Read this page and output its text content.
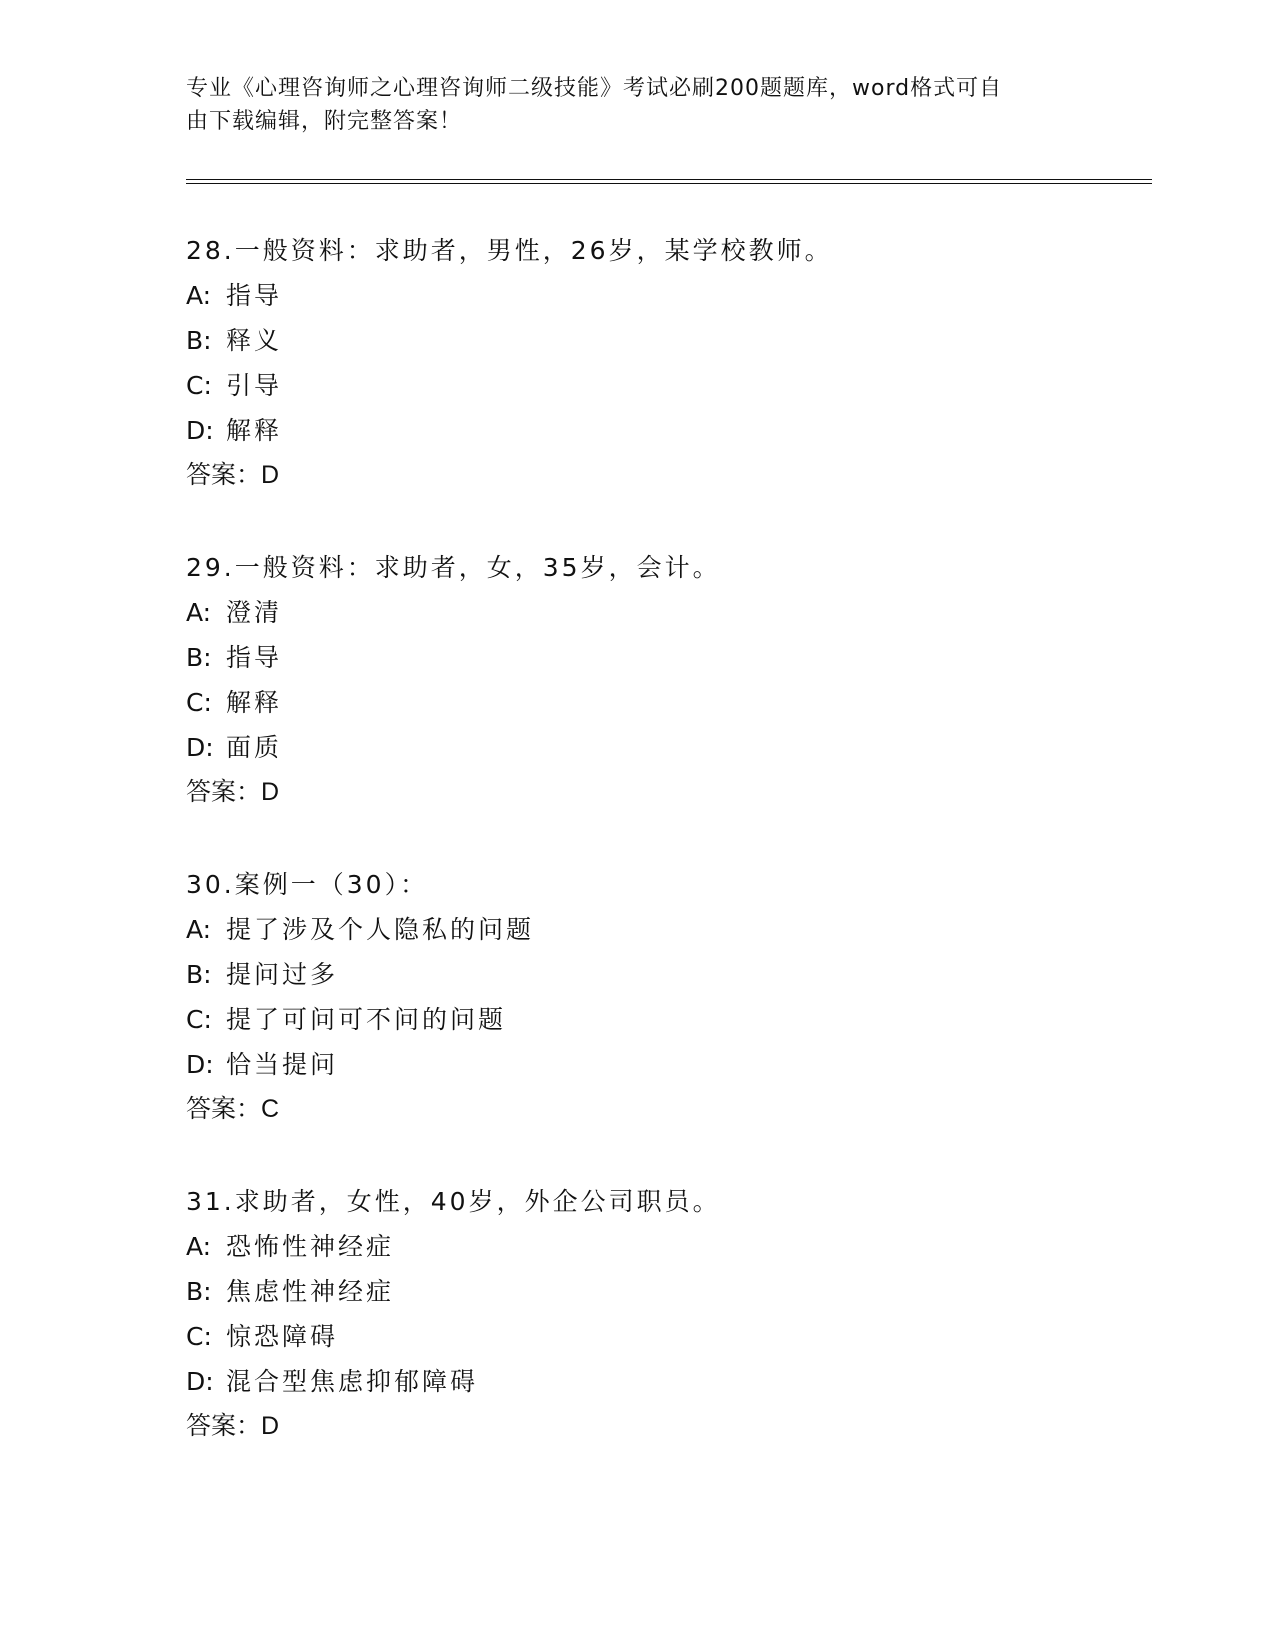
专业《心理咨询师之心理咨询师二级技能》考试必刷200题题库，word格式可自

由下载编辑，附完整答案！

28.一般资料：求助者，男性，26岁，某学校教师。
A: 指导
B: 释义
C: 引导
D: 解释
答案：D
29.一般资料：求助者，女，35岁，会计。
A: 澄清
B: 指导
C: 解释
D: 面质
答案：D
30.案例一（30）：
A: 提了涉及个人隐私的问题
B: 提问过多
C: 提了可问可不问的问题
D: 恰当提问
答案：C
31.求助者，女性，40岁，外企公司职员。
A: 恐怖性神经症
B: 焦虑性神经症
C: 惊恐障碍
D: 混合型焦虑抑郁障碍
答案：D
